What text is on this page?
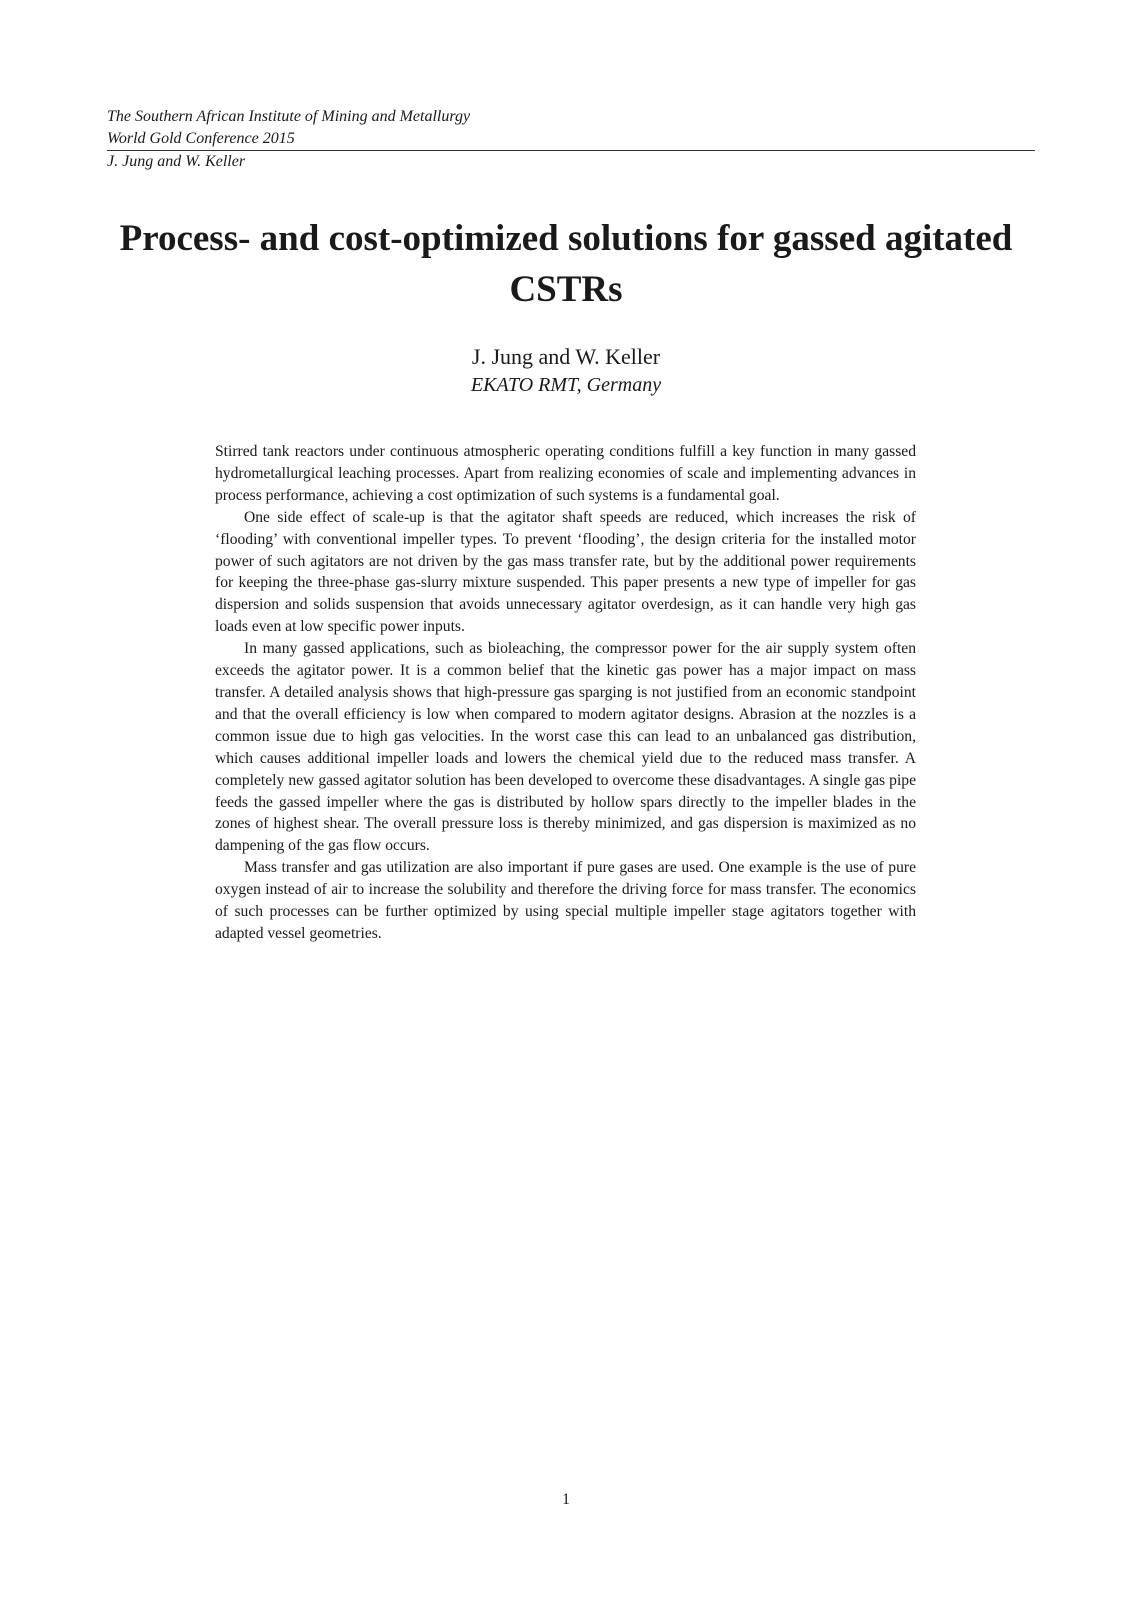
The Southern African Institute of Mining and Metallurgy
World Gold Conference 2015
J. Jung and W. Keller
Process- and cost-optimized solutions for gassed agitated CSTRs
J. Jung and W. Keller
EKATO RMT, Germany

Stirred tank reactors under continuous atmospheric operating conditions fulfill a key function in many gassed hydrometallurgical leaching processes. Apart from realizing economies of scale and implementing advances in process performance, achieving a cost optimization of such systems is a fundamental goal.

One side effect of scale-up is that the agitator shaft speeds are reduced, which increases the risk of ‘flooding’ with conventional impeller types. To prevent ‘flooding’, the design criteria for the installed motor power of such agitators are not driven by the gas mass transfer rate, but by the additional power requirements for keeping the three-phase gas-slurry mixture suspended. This paper presents a new type of impeller for gas dispersion and solids suspension that avoids unnecessary agitator overdesign, as it can handle very high gas loads even at low specific power inputs.

In many gassed applications, such as bioleaching, the compressor power for the air supply system often exceeds the agitator power. It is a common belief that the kinetic gas power has a major impact on mass transfer. A detailed analysis shows that high-pressure gas sparging is not justified from an economic standpoint and that the overall efficiency is low when compared to modern agitator designs. Abrasion at the nozzles is a common issue due to high gas velocities. In the worst case this can lead to an unbalanced gas distribution, which causes additional impeller loads and lowers the chemical yield due to the reduced mass transfer. A completely new gassed agitator solution has been developed to overcome these disadvantages. A single gas pipe feeds the gassed impeller where the gas is distributed by hollow spars directly to the impeller blades in the zones of highest shear. The overall pressure loss is thereby minimized, and gas dispersion is maximized as no dampening of the gas flow occurs.

Mass transfer and gas utilization are also important if pure gases are used. One example is the use of pure oxygen instead of air to increase the solubility and therefore the driving force for mass transfer. The economics of such processes can be further optimized by using special multiple impeller stage agitators together with adapted vessel geometries.

1
